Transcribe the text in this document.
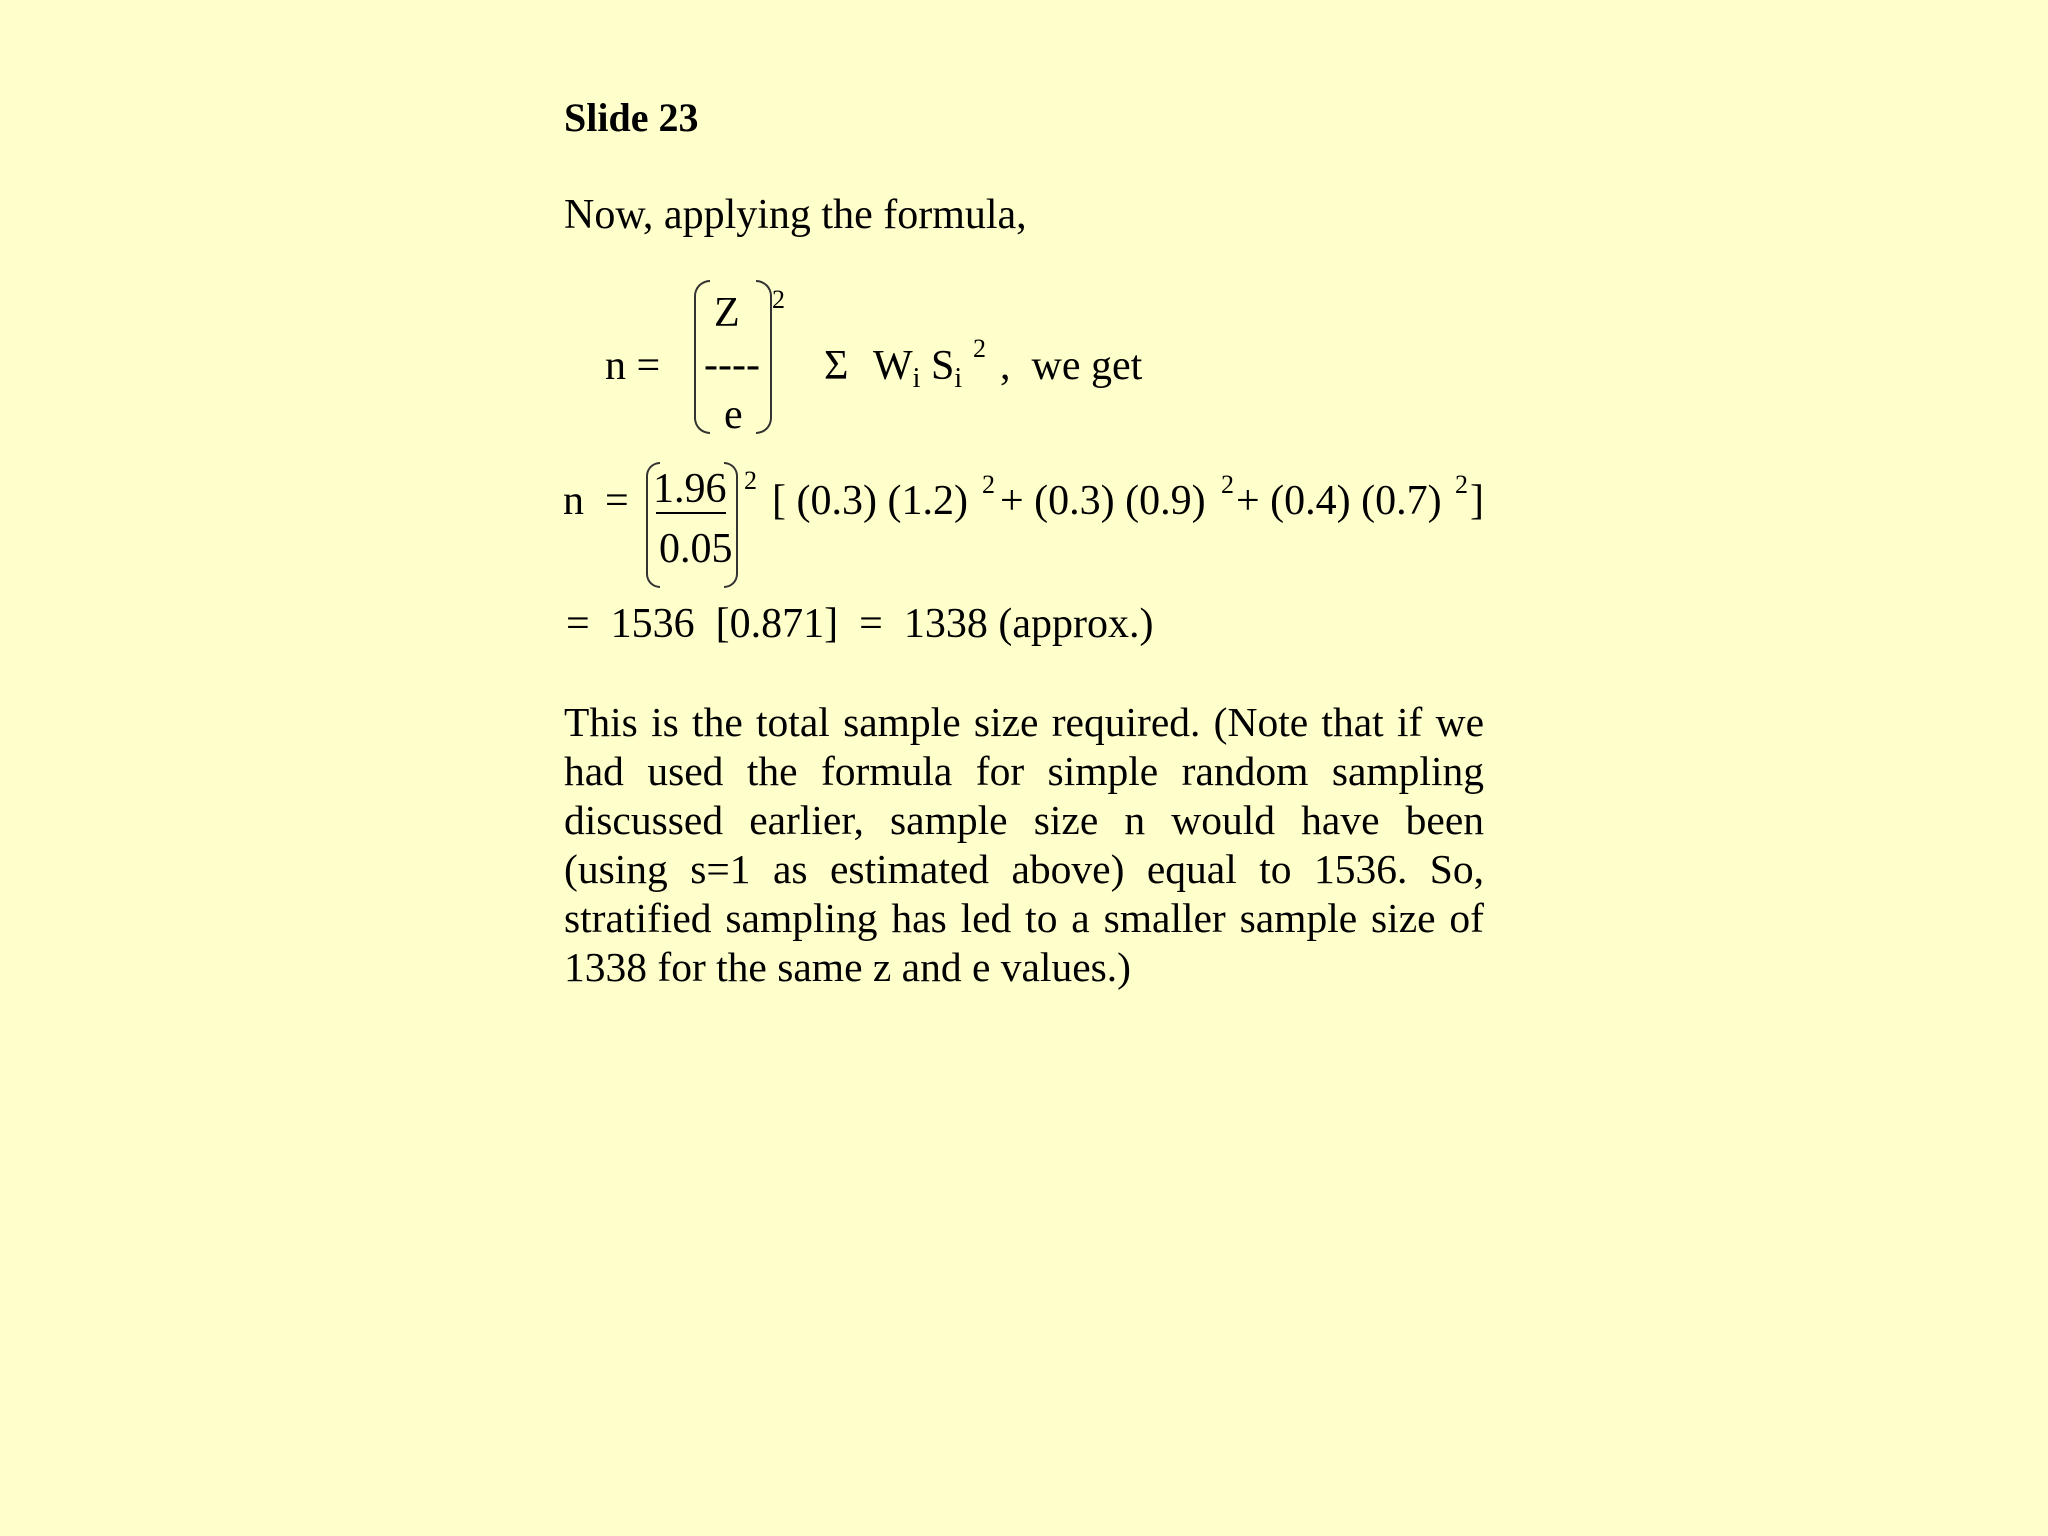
Slide 23
Now, applying the formula,
n =
Z
----
e
2
Σ Wi Si
2 ,  we get
n  = 1.96
0.05
2 [ (0.3) (1.2) 2 + (0.3) (0.9) 2 + (0.4) (0.7) 2 ]
=  1536  [0.871]  =  1338 (approx.)
This is the total sample size required. (Note that if we had used the formula for simple random sampling discussed earlier, sample size n would have been (using s=1 as estimated above) equal to 1536. So, stratified sampling has led to a smaller sample size of 1338 for the same z and e values.)
